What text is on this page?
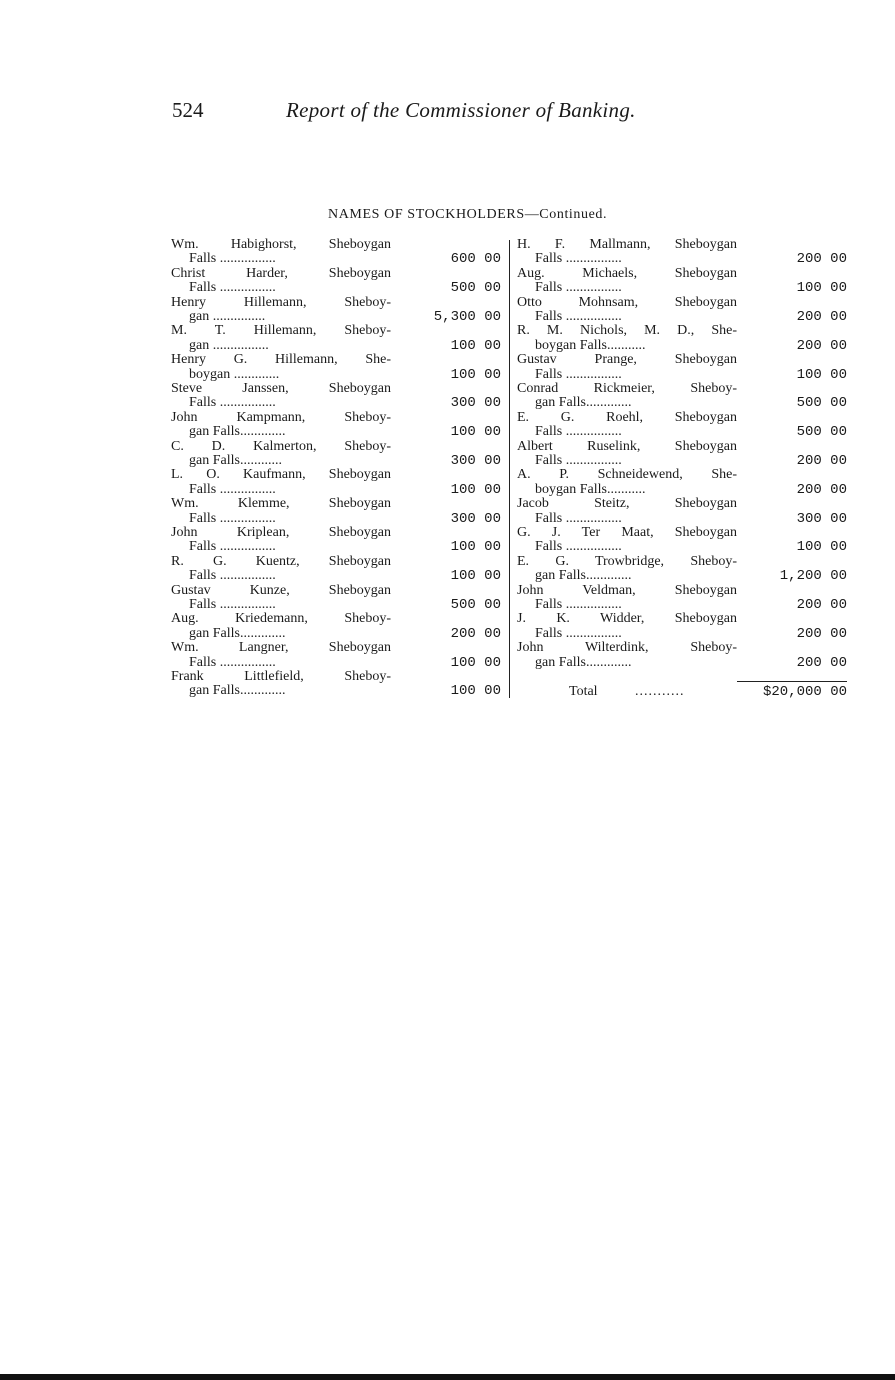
524	Report of the Commissioner of Banking.
NAMES OF STOCKHOLDERS—Continued.
Wm. Habighorst, Sheboygan
Falls ................	600 00
Christ Harder, Sheboygan
Falls ................	500 00
Henry Hillemann, Sheboy-
gan ...............	5,300 00
M. T. Hillemann, Sheboy-
gan ................	100 00
Henry G. Hillemann, She-
boygan .............	100 00
Steve Janssen, Sheboygan
Falls ................	300 00
John Kampmann, Sheboy-
gan Falls.............	100 00
C. D. Kalmerton, Sheboy-
gan Falls............	300 00
L. O. Kaufmann, Sheboygan
Falls ................	100 00
Wm. Klemme, Sheboygan
Falls ................	300 00
John Kriplean, Sheboygan
Falls ................	100 00
R. G. Kuentz, Sheboygan
Falls ................	100 00
Gustav Kunze, Sheboygan
Falls ................	500 00
Aug. Kriedemann, Sheboy-
gan Falls.............	200 00
Wm. Langner, Sheboygan
Falls ................	100 00
Frank Littlefield, Sheboy-
gan Falls.............	100 00
H. F. Mallmann, Sheboygan
Falls ................	200 00
Aug. Michaels, Sheboygan
Falls ................	100 00
Otto Mohnsam, Sheboygan
Falls ................	200 00
R. M. Nichols, M. D., She-
boygan Falls...........	200 00
Gustav Prange, Sheboygan
Falls ................	100 00
Conrad Rickmeier, Sheboy-
gan Falls.............	500 00
E. G. Roehl, Sheboygan
Falls ................	500 00
Albert Ruselink, Sheboygan
Falls ................	200 00
A. P. Schneidewend, She-
boygan Falls...........	200 00
Jacob Steitz, Sheboygan
Falls ................	300 00
G. J. Ter Maat, Sheboygan
Falls ................	100 00
E. G. Trowbridge, Sheboy-
gan Falls.............	1,200 00
John Veldman, Sheboygan
Falls ................	200 00
J. K. Widder, Sheboygan
Falls ................	200 00
John Wilterdink, Sheboy-
gan Falls.............	200 00
Total	...........	$20,000 00
